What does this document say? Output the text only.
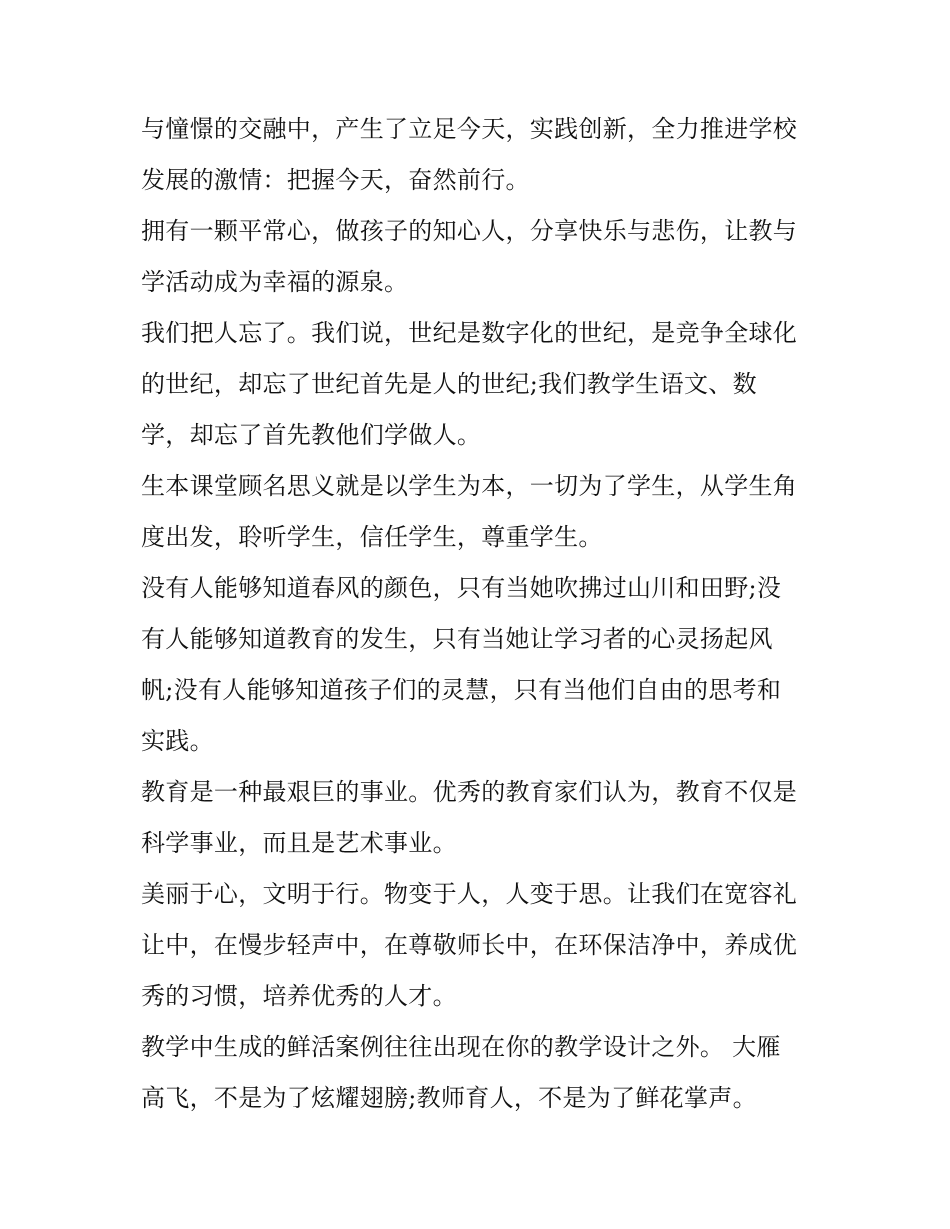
与憧憬的交融中，产生了立足今天，实践创新，全力推进学校
发展的激情：把握今天，奋然前行。
拥有一颗平常心，做孩子的知心人，分享快乐与悲伤，让教与
学活动成为幸福的源泉。
我们把人忘了。我们说，世纪是数字化的世纪，是竞争全球化
的世纪，却忘了世纪首先是人的世纪;我们教学生语文、数
学，却忘了首先教他们学做人。
生本课堂顾名思义就是以学生为本，一切为了学生，从学生角
度出发，聆听学生，信任学生，尊重学生。
没有人能够知道春风的颜色，只有当她吹拂过山川和田野;没
有人能够知道教育的发生，只有当她让学习者的心灵扬起风
帆;没有人能够知道孩子们的灵慧，只有当他们自由的思考和
实践。
教育是一种最艰巨的事业。优秀的教育家们认为，教育不仅是
科学事业，而且是艺术事业。
美丽于心，文明于行。物变于人，人变于思。让我们在宽容礼
让中，在慢步轻声中，在尊敬师长中，在环保洁净中，养成优
秀的习惯，培养优秀的人才。
教学中生成的鲜活案例往往出现在你的教学设计之外。 大雁
高飞，不是为了炫耀翅膀;教师育人，不是为了鲜花掌声。
